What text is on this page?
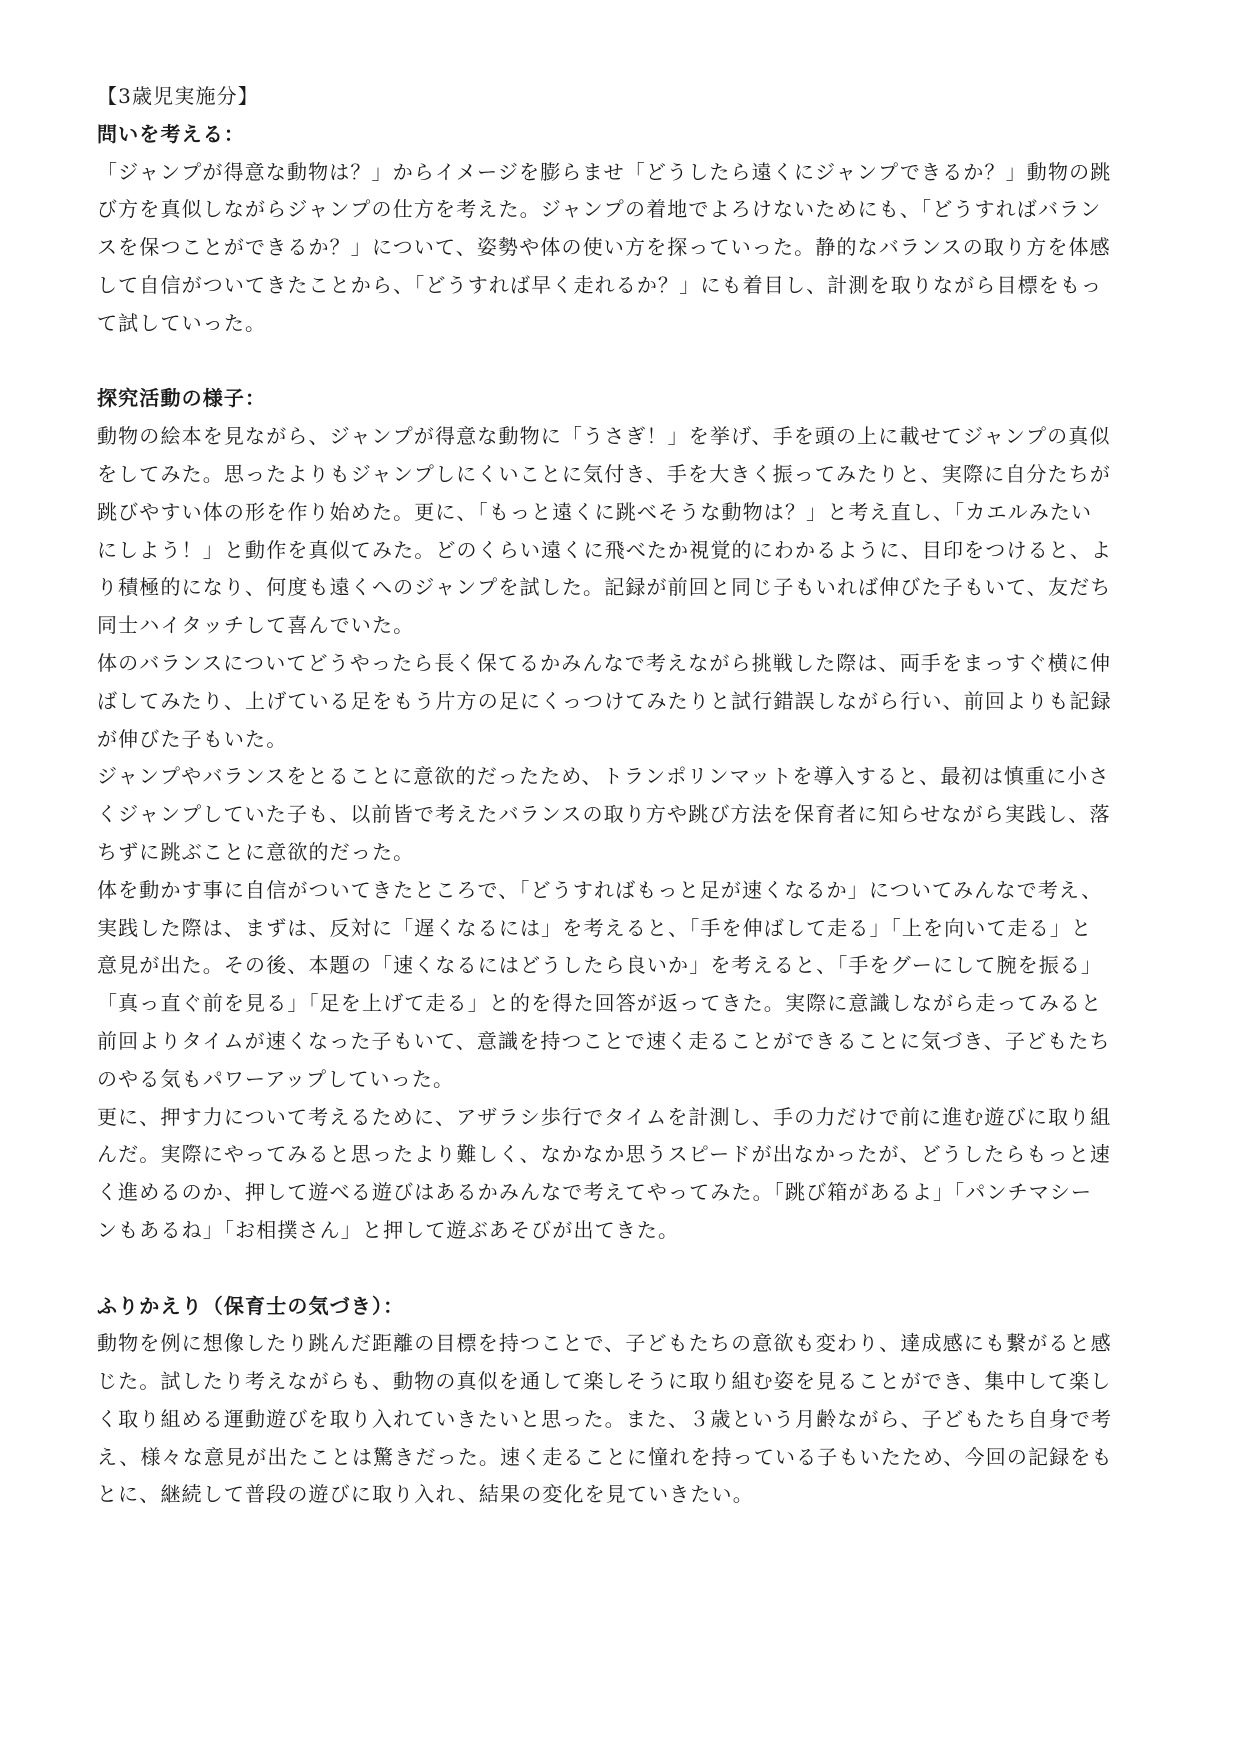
【3歳児実施分】

問いを考える：

「ジャンプが得意な動物は？」からイメージを膨らませ「どうしたら遠くにジャンプできるか？」動物の跳

び方を真似しながらジャンプの仕方を考えた。ジャンプの着地でよろけないためにも、「どうすればバラン

スを保つことができるか？」について、姿勢や体の使い方を探っていった。静的なバランスの取り方を体感

して自信がついてきたことから、「どうすれば早く走れるか？」にも着目し、計測を取りながら目標をもっ

て試していった。

探究活動の様子：

動物の絵本を見ながら、ジャンプが得意な動物に「うさぎ！」を挙げ、手を頭の上に載せてジャンプの真似

をしてみた。思ったよりもジャンプしにくいことに気付き、手を大きく振ってみたりと、実際に自分たちが

跳びやすい体の形を作り始めた。更に、「もっと遠くに跳べそうな動物は？」と考え直し、「カエルみたい

にしよう！」と動作を真似てみた。どのくらい遠くに飛べたか視覚的にわかるように、目印をつけると、よ

り積極的になり、何度も遠くへのジャンプを試した。記録が前回と同じ子もいれば伸びた子もいて、友だち

同士ハイタッチして喜んでいた。

体のバランスについてどうやったら長く保てるかみんなで考えながら挑戦した際は、両手をまっすぐ横に伸

ばしてみたり、上げている足をもう片方の足にくっつけてみたりと試行錯誤しながら行い、前回よりも記録

が伸びた子もいた。

ジャンプやバランスをとることに意欲的だったため、トランポリンマットを導入すると、最初は慎重に小さ

くジャンプしていた子も、以前皆で考えたバランスの取り方や跳び方法を保育者に知らせながら実践し、落

ちずに跳ぶことに意欲的だった。

体を動かす事に自信がついてきたところで、「どうすればもっと足が速くなるか」についてみんなで考え、

実践した際は、まずは、反対に「遅くなるには」を考えると、「手を伸ばして走る」「上を向いて走る」と

意見が出た。その後、本題の「速くなるにはどうしたら良いか」を考えると、「手をグーにして腕を振る」

「真っ直ぐ前を見る」「足を上げて走る」と的を得た回答が返ってきた。実際に意識しながら走ってみると

前回よりタイムが速くなった子もいて、意識を持つことで速く走ることができることに気づき、子どもたち

のやる気もパワーアップしていった。

更に、押す力について考えるために、アザラシ歩行でタイムを計測し、手の力だけで前に進む遊びに取り組

んだ。実際にやってみると思ったより難しく、なかなか思うスピードが出なかったが、どうしたらもっと速

く進めるのか、押して遊べる遊びはあるかみんなで考えてやってみた。「跳び箱があるよ」「パンチマシー

ンもあるね」「お相撲さん」と押して遊ぶあそびが出てきた。

ふりかえり（保育士の気づき）：

動物を例に想像したり跳んだ距離の目標を持つことで、子どもたちの意欲も変わり、達成感にも繋がると感

じた。試したり考えながらも、動物の真似を通して楽しそうに取り組む姿を見ることができ、集中して楽し

く取り組める運動遊びを取り入れていきたいと思った。また、３歳という月齢ながら、子どもたち自身で考

え、様々な意見が出たことは驚きだった。速く走ることに憧れを持っている子もいたため、今回の記録をも

とに、継続して普段の遊びに取り入れ、結果の変化を見ていきたい。
